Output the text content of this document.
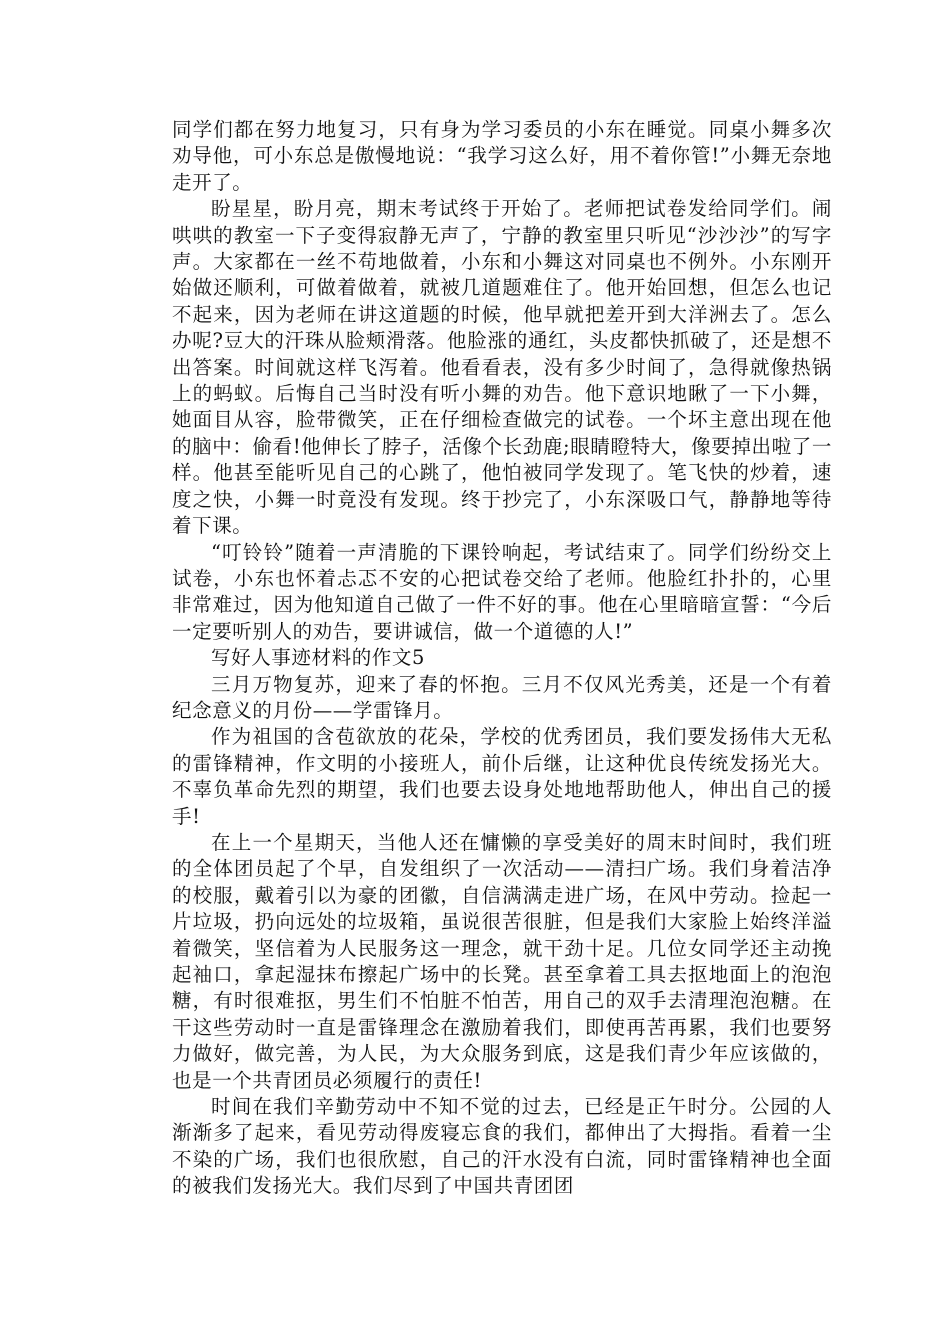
同学们都在努力地复习，只有身为学习委员的小东在睡觉。同桌小舞多次劝导他，可小东总是傲慢地说：“我学习这么好，用不着你管!”小舞无奈地走开了。

盼星星，盼月亮，期末考试终于开始了。老师把试卷发给同学们。闹哄哄的教室一下子变得寂静无声了，宁静的教室里只听见“沙沙沙”的写字声。大家都在一丝不苟地做着，小东和小舞这对同桌也不例外。小东刚开始做还顺利，可做着做着，就被几道题难住了。他开始回想，但怎么也记不起来，因为老师在讲这道题的时候，他早就把差开到大洋洲去了。怎么办呢?豆大的汗珠从脸颊滑落。他脸涨的通红，头皮都快抓破了，还是想不出答案。时间就这样飞泻着。他看看表，没有多少时间了，急得就像热锅上的蚂蚁。后悔自己当时没有听小舞的劝告。他下意识地瞅了一下小舞，她面目从容，脸带微笑，正在仔细检查做完的试卷。一个坏主意出现在他的脑中：偷看!他伸长了脖子，活像个长劲鹿;眼睛瞪特大，像要掉出啦了一样。他甚至能听见自己的心跳了，他怕被同学发现了。笔飞快的炒着，速度之快，小舞一时竟没有发现。终于抄完了，小东深吸口气，静静地等待着下课。

“叮铃铃”随着一声清脆的下课铃响起，考试结束了。同学们纷纷交上试卷，小东也怀着忐忑不安的心把试卷交给了老师。他脸红扑扑的，心里非常难过，因为他知道自己做了一件不好的事。他在心里暗暗宣誓：“今后一定要听别人的劝告，要讲诚信，做一个道德的人!”

写好人事迹材料的作文5

三月万物复苏，迎来了春的怀抱。三月不仅风光秀美，还是一个有着纪念意义的月份——学雷锋月。

作为祖国的含苞欲放的花朵，学校的优秀团员，我们要发扬伟大无私的雷锋精神，作文明的小接班人，前仆后继，让这种优良传统发扬光大。不辜负革命先烈的期望，我们也要去设身处地地帮助他人，伸出自己的援手!

在上一个星期天，当他人还在慵懒的享受美好的周末时间时，我们班的全体团员起了个早，自发组织了一次活动——清扫广场。我们身着洁净的校服，戴着引以为豪的团徽，自信满满走进广场，在风中劳动。捡起一片垃圾，扔向远处的垃圾箱，虽说很苦很脏，但是我们大家脸上始终洋溢着微笑，坚信着为人民服务这一理念，就干劲十足。几位女同学还主动挽起袖口，拿起湿抹布擦起广场中的长凳。甚至拿着工具去抠地面上的泡泡糖，有时很难抠，男生们不怕脏不怕苦，用自己的双手去清理泡泡糖。在干这些劳动时一直是雷锋理念在激励着我们，即使再苦再累，我们也要努力做好，做完善，为人民，为大众服务到底，这是我们青少年应该做的，也是一个共青团员必须履行的责任!

时间在我们辛勤劳动中不知不觉的过去，已经是正午时分。公园的人渐渐多了起来，看见劳动得废寝忘食的我们，都伸出了大拇指。看着一尘不染的广场，我们也很欣慰，自己的汗水没有白流，同时雷锋精神也全面的被我们发扬光大。我们尽到了中国共青团团
